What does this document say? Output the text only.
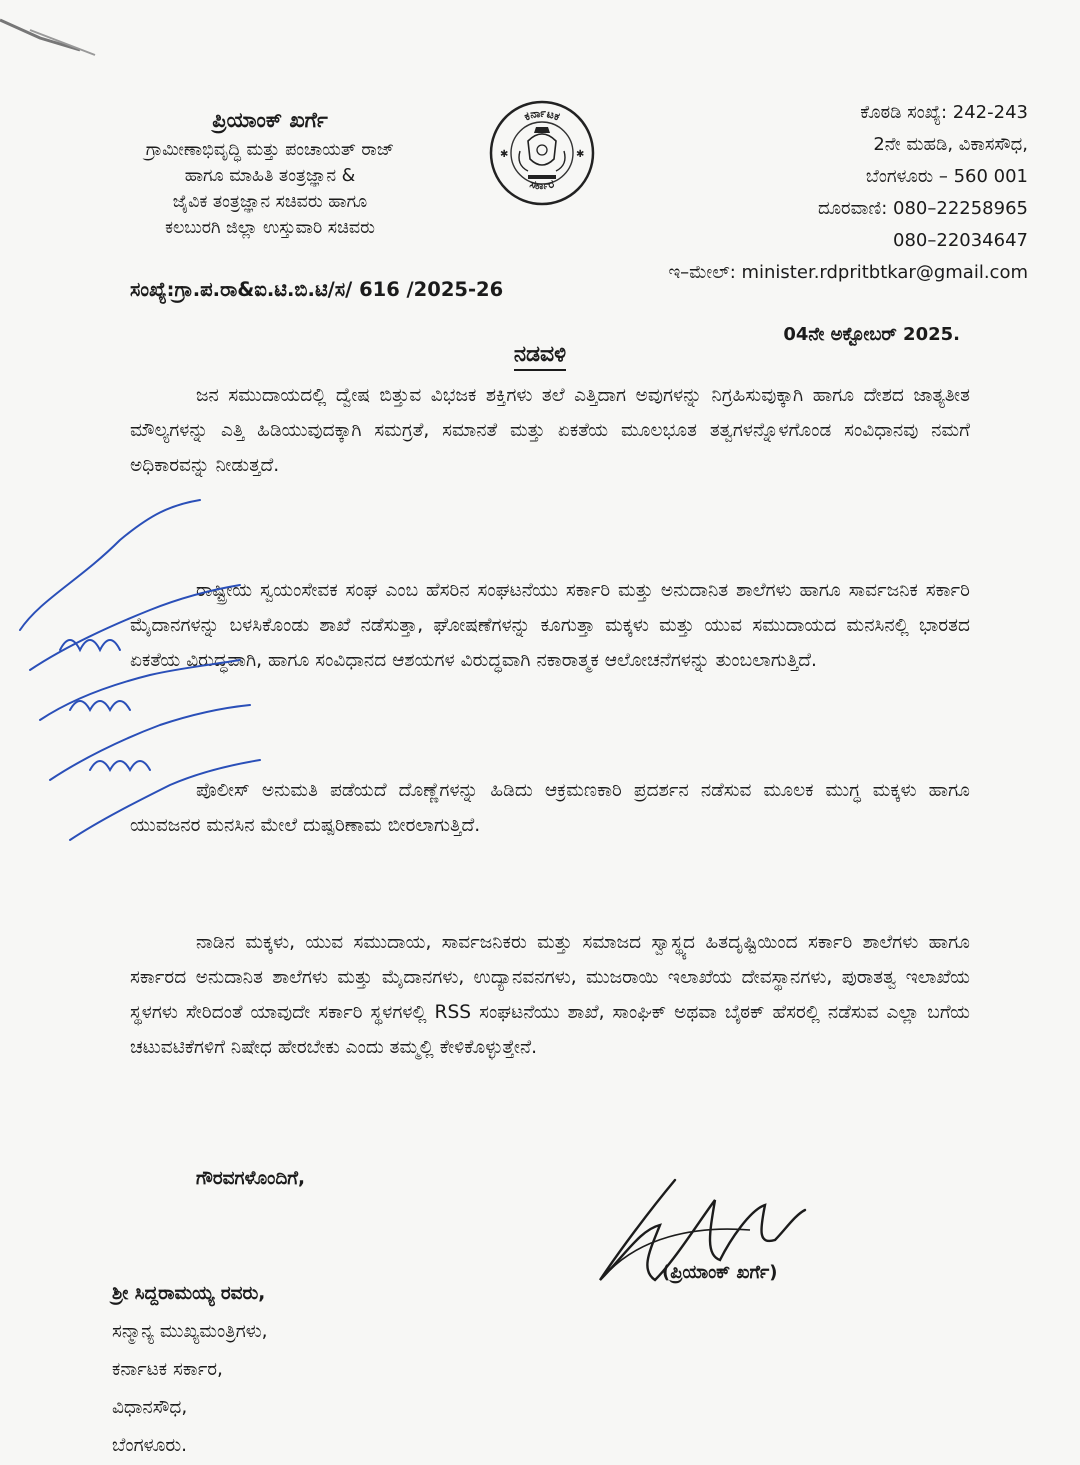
ಪ್ರಿಯಾಂಕ್ ಖರ್ಗೆ
ಗ್ರಾಮೀಣಾಭಿವೃದ್ಧಿ ಮತ್ತು ಪಂಚಾಯತ್ ರಾಜ್
ಹಾಗೂ ಮಾಹಿತಿ ತಂತ್ರಜ್ಞಾನ &
ಜೈವಿಕ ತಂತ್ರಜ್ಞಾನ ಸಚಿವರು ಹಾಗೂ
ಕಲಬುರಗಿ ಜಿಲ್ಲಾ ಉಸ್ತುವಾರಿ ಸಚಿವರು
ಕರ್ನಾಟಕ
ಸರ್ಕಾರ
✱	✱
ಕೊಠಡಿ ಸಂಖ್ಯೆ: 242-243
2ನೇ ಮಹಡಿ, ವಿಕಾಸಸೌಧ,
ಬೆಂಗಳೂರು – 560 001
ದೂರವಾಣಿ: 080–22258965
080–22034647
ಇ–ಮೇಲ್: minister.rdpritbtkar@gmail.com
ಸಂಖ್ಯೆ:ಗ್ರಾ.ಪ.ರಾ&ಐ.ಟಿ.ಬಿ.ಟಿ/ಸ/ 616 /2025-26
04ನೇ ಅಕ್ಟೋಬರ್ 2025.
ನಡವಳಿ
ಜನ ಸಮುದಾಯದಲ್ಲಿ ದ್ವೇಷ ಬಿತ್ತುವ ವಿಭಜಕ ಶಕ್ತಿಗಳು ತಲೆ ಎತ್ತಿದಾಗ ಅವುಗಳನ್ನು ನಿಗ್ರಹಿಸುವುಕ್ಕಾಗಿ ಹಾಗೂ ದೇಶದ ಜಾತ್ಯತೀತ ಮೌಲ್ಯಗಳನ್ನು ಎತ್ತಿ ಹಿಡಿಯುವುದಕ್ಕಾಗಿ ಸಮಗ್ರತೆ, ಸಮಾನತೆ ಮತ್ತು ಏಕತೆಯ ಮೂಲಭೂತ ತತ್ವಗಳನ್ನೊಳಗೊಂಡ ಸಂವಿಧಾನವು ನಮಗೆ ಅಧಿಕಾರವನ್ನು ನೀಡುತ್ತದೆ.
ರಾಷ್ಟ್ರೀಯ ಸ್ವಯಂಸೇವಕ ಸಂಘ ಎಂಬ ಹೆಸರಿನ ಸಂಘಟನೆಯು ಸರ್ಕಾರಿ ಮತ್ತು ಅನುದಾನಿತ ಶಾಲೆಗಳು ಹಾಗೂ ಸಾರ್ವಜನಿಕ ಸರ್ಕಾರಿ ಮೈದಾನಗಳನ್ನು ಬಳಸಿಕೊಂಡು ಶಾಖೆ ನಡೆಸುತ್ತಾ, ಘೋಷಣೆಗಳನ್ನು ಕೂಗುತ್ತಾ ಮಕ್ಕಳು ಮತ್ತು ಯುವ ಸಮುದಾಯದ ಮನಸಿನಲ್ಲಿ ಭಾರತದ ಏಕತೆಯ ವಿರುದ್ಧವಾಗಿ, ಹಾಗೂ ಸಂವಿಧಾನದ ಆಶಯಗಳ ವಿರುದ್ಧವಾಗಿ ನಕಾರಾತ್ಮಕ ಆಲೋಚನೆಗಳನ್ನು ತುಂಬಲಾಗುತ್ತಿದೆ.
ಪೊಲೀಸ್ ಅನುಮತಿ ಪಡೆಯದೆ ದೊಣ್ಣೆಗಳನ್ನು ಹಿಡಿದು ಆಕ್ರಮಣಕಾರಿ ಪ್ರದರ್ಶನ ನಡೆಸುವ ಮೂಲಕ ಮುಗ್ಧ ಮಕ್ಕಳು ಹಾಗೂ ಯುವಜನರ ಮನಸಿನ ಮೇಲೆ ದುಷ್ಪರಿಣಾಮ ಬೀರಲಾಗುತ್ತಿದೆ.
ನಾಡಿನ ಮಕ್ಕಳು, ಯುವ ಸಮುದಾಯ, ಸಾರ್ವಜನಿಕರು ಮತ್ತು ಸಮಾಜದ ಸ್ವಾಸ್ಥ್ಯದ ಹಿತದೃಷ್ಟಿಯಿಂದ ಸರ್ಕಾರಿ ಶಾಲೆಗಳು ಹಾಗೂ ಸರ್ಕಾರದ ಅನುದಾನಿತ ಶಾಲೆಗಳು ಮತ್ತು ಮೈದಾನಗಳು, ಉದ್ಯಾನವನಗಳು, ಮುಜರಾಯಿ ಇಲಾಖೆಯ ದೇವಸ್ಥಾನಗಳು, ಪುರಾತತ್ವ ಇಲಾಖೆಯ ಸ್ಥಳಗಳು ಸೇರಿದಂತೆ ಯಾವುದೇ ಸರ್ಕಾರಿ ಸ್ಥಳಗಳಲ್ಲಿ RSS ಸಂಘಟನೆಯು ಶಾಖೆ, ಸಾಂಘಿಕ್ ಅಥವಾ ಬೈಠಕ್ ಹೆಸರಲ್ಲಿ ನಡೆಸುವ ಎಲ್ಲಾ ಬಗೆಯ ಚಟುವಟಿಕೆಗಳಿಗೆ ನಿಷೇಧ ಹೇರಬೇಕು ಎಂದು ತಮ್ಮಲ್ಲಿ ಕೇಳಿಕೊಳ್ಳುತ್ತೇನೆ.
ಗೌರವಗಳೊಂದಿಗೆ,
(ಪ್ರಿಯಾಂಕ್ ಖರ್ಗೆ)
ಶ್ರೀ ಸಿದ್ದರಾಮಯ್ಯ ರವರು,
ಸನ್ಮಾನ್ಯ ಮುಖ್ಯಮಂತ್ರಿಗಳು,
ಕರ್ನಾಟಕ ಸರ್ಕಾರ,
ವಿಧಾನಸೌಧ,
ಬೆಂಗಳೂರು.
